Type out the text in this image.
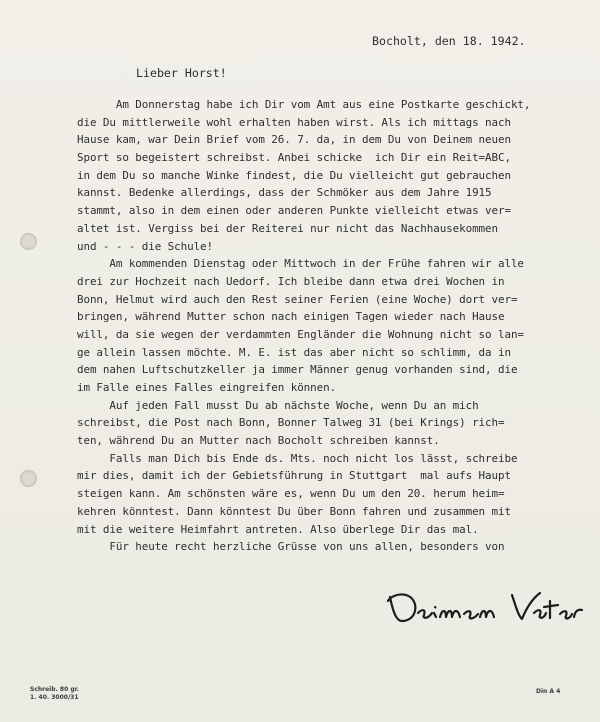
Bocholt, den 18. 1942.
Lieber Horst!
Am Donnerstag habe ich Dir vom Amt aus eine Postkarte geschickt,
die Du mittlerweile wohl erhalten haben wirst. Als ich mittags nach
Hause kam, war Dein Brief vom 26. 7. da, in dem Du von Deinem neuen
Sport so begeistert schreibst. Anbei schicke  ich Dir ein Reit=ABC,
in dem Du so manche Winke findest, die Du vielleicht gut gebrauchen
kannst. Bedenke allerdings, dass der Schmöker aus dem Jahre 1915
stammt, also in dem einen oder anderen Punkte vielleicht etwas ver=
altet ist. Vergiss bei der Reiterei nur nicht das Nachhausekommen
und - - - die Schule!
Am kommenden Dienstag oder Mittwoch in der Frühe fahren wir alle
drei zur Hochzeit nach Uedorf. Ich bleibe dann etwa drei Wochen in
Bonn, Helmut wird auch den Rest seiner Ferien (eine Woche) dort ver=
bringen, während Mutter schon nach einigen Tagen wieder nach Hause
will, da sie wegen der verdammten Engländer die Wohnung nicht so lan=
ge allein lassen möchte. M. E. ist das aber nicht so schlimm, da in
dem nahen Luftschutzkeller ja immer Männer genug vorhanden sind, die
im Falle eines Falles eingreifen können.
Auf jeden Fall musst Du ab nächste Woche, wenn Du an mich
schreibst, die Post nach Bonn, Bonner Talweg 31 (bei Krings) rich=
ten, während Du an Mutter nach Bocholt schreiben kannst.
Falls man Dich bis Ende ds. Mts. noch nicht los lässt, schreibe
mir dies, damit ich der Gebietsführung in Stuttgart  mal aufs Haupt
steigen kann. Am schönsten wäre es, wenn Du um den 20. herum heim=
kehren könntest. Dann könntest Du über Bonn fahren und zusammen mit
mit die weitere Heimfahrt antreten. Also überlege Dir das mal.
Für heute recht herzliche Grüsse von uns allen, besonders von
Schreib. 80 gr.
1. 40. 3000/31
Din A 4
